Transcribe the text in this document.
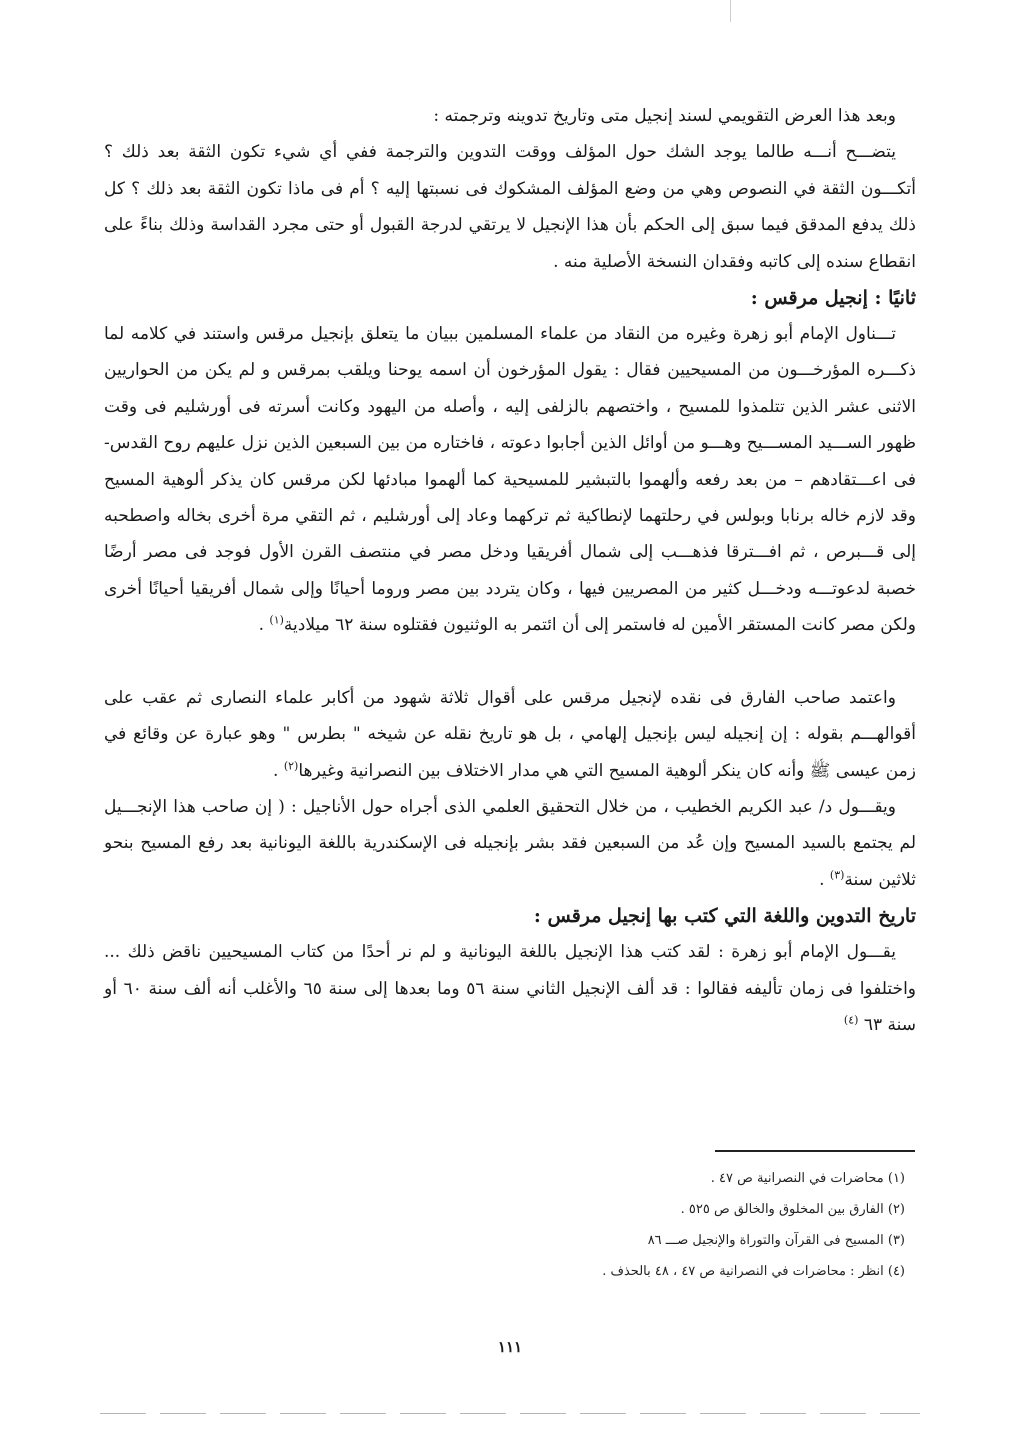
وبعد هذا العرض التقويمي لسند إنجيل متى وتاريخ تدوينه وترجمته :

يتضـــح أنـــه طالما يوجد الشك حول المؤلف ووقت التدوين والترجمة ففي أي شيء تكون الثقة بعد ذلك ؟ أتكـــون الثقة في النصوص وهي من وضع المؤلف المشكوك فى نسبتها إليه ؟ أم فى ماذا تكون الثقة بعد ذلك ؟ كل ذلك يدفع المدقق فيما سبق إلى الحكم بأن هذا الإنجيل لا يرتقي لدرجة القبول أو حتى مجرد القداسة وذلك بناءً على انقطاع سنده إلى كاتبه وفقدان النسخة الأصلية منه .

ثانيًا : إنجيل مرقس :

تـــناول الإمام أبو زهرة وغيره من النقاد من علماء المسلمين ببيان ما يتعلق بإنجيل مرقس واستند في كلامه لما ذكـــره المؤرخـــون من المسيحيين فقال : يقول المؤرخون أن اسمه يوحنا ويلقب بمرقس و لم يكن من الحواريين الاثنى عشر الذين تتلمذوا للمسيح ، واختصهم بالزلفى إليه ، وأصله من اليهود وكانت أسرته فى أورشليم فى وقت ظهور الســـيد المســـيح وهـــو من أوائل الذين أجابوا دعوته ، فاختاره من بين السبعين الذين نزل عليهم روح القدس- فى اعـــتقادهم – من بعد رفعه وألهموا بالتبشير للمسيحية كما ألهموا مبادئها لكن مرقس كان يذكر ألوهية المسيح وقد لازم خاله برنابا وبولس في رحلتهما لإنطاكية ثم تركهما وعاد إلى أورشليم ، ثم التقي مرة أخرى بخاله واصطحبه إلى قـــبرص ، ثم افـــترقا فذهـــب إلى شمال أفريقيا ودخل مصر في منتصف القرن الأول فوجد فى مصر أرضًا خصبة لدعوتـــه ودخـــل كثير من المصريين فيها ، وكان يتردد بين مصر وروما أحيانًا وإلى شمال أفريقيا أحيانًا أخرى ولكن مصر كانت المستقر الأمين له فاستمر إلى أن ائتمر به الوثنيون فقتلوه سنة ٦٢ ميلادية$^{(١)}$ .

واعتمد صاحب الفارق فى نقده لإنجيل مرقس على أقوال ثلاثة شهود من أكابر علماء النصارى ثم عقب على أقوالهـــم بقوله : إن إنجيله ليس بإنجيل إلهامي ، بل هو تاريخ نقله عن شيخه " بطرس " وهو عبارة عن وقائع في زمن عيسى ﷺ وأنه كان ينكر ألوهية المسيح التي هي مدار الاختلاف بين النصرانية وغيرها$^{(٢)}$ .

ويقـــول د/ عبد الكريم الخطيب ، من خلال التحقيق العلمي الذى أجراه حول الأناجيل : ( إن صاحب هذا الإنجـــيل لم يجتمع بالسيد المسيح وإن عُد من السبعين فقد بشر بإنجيله فى الإسكندرية باللغة اليونانية بعد رفع المسيح بنحو ثلاثين سنة$^{(٣)}$ .

تاريخ التدوين واللغة التي كتب بها إنجيل مرقس :

يقـــول الإمام أبو زهرة : لقد كتب هذا الإنجيل باللغة اليونانية و لم نر أحدًا من كتاب المسيحيين ناقض ذلك ... واختلفوا فى زمان تأليفه فقالوا : قد ألف الإنجيل الثاني سنة ٥٦ وما بعدها إلى سنة ٦٥ والأغلب أنه ألف سنة ٦٠ أو سنة ٦٣ $^{(٤)}$

(١) محاضرات في النصرانية ص ٤٧ .

(٢) الفارق بين المخلوق والخالق ص ٥٢٥ .

(٣) المسيح فى القرآن والتوراة والإنجيل صـــ ٨٦

(٤) انظر : محاضرات في النصرانية ص ٤٧ ، ٤٨ بالحذف .

١١١
